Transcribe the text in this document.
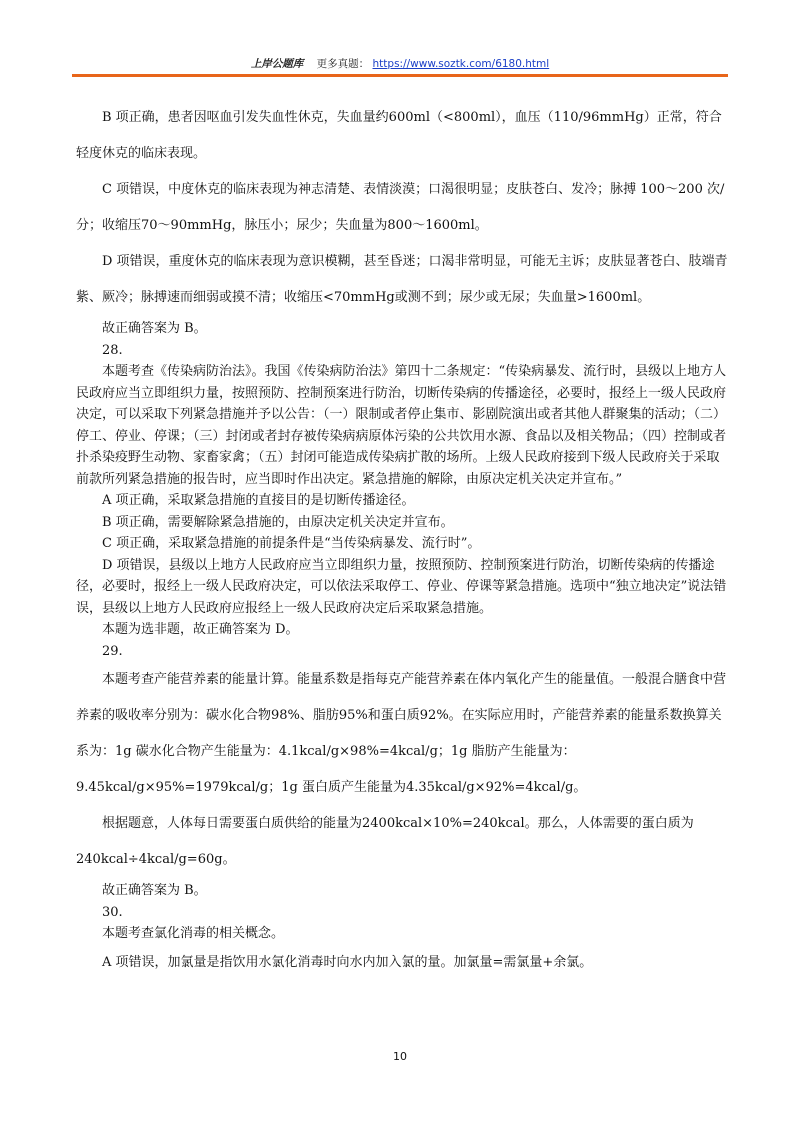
上岸公题库 更多真题： https://www.soztk.com/6180.html

B 项正确，患者因呕血引发失血性休克，失血量约600ml（<800ml），血压（110/96mmHg）正常，符合轻度休克的临床表现。

C 项错误，中度休克的临床表现为神志清楚、表情淡漠；口渴很明显；皮肤苍白、发冷；脉搏 100～200 次/分；收缩压70～90mmHg，脉压小；尿少；失血量为800～1600ml。

D 项错误，重度休克的临床表现为意识模糊，甚至昏迷；口渴非常明显，可能无主诉；皮肤显著苍白、肢端青紫、厥冷；脉搏速而细弱或摸不清；收缩压<70mmHg或测不到；尿少或无尿；失血量>1600ml。

故正确答案为 B。

28.

本题考查《传染病防治法》。我国《传染病防治法》第四十二条规定：“传染病暴发、流行时，县级以上地方人民政府应当立即组织力量，按照预防、控制预案进行防治，切断传染病的传播途径，必要时，报经上一级人民政府决定，可以采取下列紧急措施并予以公告：（一）限制或者停止集市、影剧院演出或者其他人群聚集的活动；（二）停工、停业、停课；（三）封闭或者封存被传染病病原体污染的公共饮用水源、食品以及相关物品；（四）控制或者扑杀染疫野生动物、家畜家禽；（五）封闭可能造成传染病扩散的场所。上级人民政府接到下级人民政府关于采取前款所列紧急措施的报告时，应当即时作出决定。紧急措施的解除，由原决定机关决定并宣布。”

A 项正确，采取紧急措施的直接目的是切断传播途径。

B 项正确，需要解除紧急措施的，由原决定机关决定并宣布。

C 项正确，采取紧急措施的前提条件是“当传染病暴发、流行时”。

D 项错误，县级以上地方人民政府应当立即组织力量，按照预防、控制预案进行防治，切断传染病的传播途径，必要时，报经上一级人民政府决定，可以依法采取停工、停业、停课等紧急措施。选项中“独立地决定”说法错误，县级以上地方人民政府应报经上一级人民政府决定后采取紧急措施。

本题为选非题，故正确答案为 D。

29.

本题考查产能营养素的能量计算。能量系数是指每克产能营养素在体内氧化产生的能量值。一般混合膳食中营养素的吸收率分别为：碳水化合物98%、脂肪95%和蛋白质92%。在实际应用时，产能营养素的能量系数换算关系为：1g 碳水化合物产生能量为：4.1kcal/g×98%=4kcal/g；1g 脂肪产生能量为：9.45kcal/g×95%=1979kcal/g；1g 蛋白质产生能量为4.35kcal/g×92%=4kcal/g。

根据题意，人体每日需要蛋白质供给的能量为2400kcal×10%=240kcal。那么，人体需要的蛋白质为240kcal÷4kcal/g=60g。

故正确答案为 B。

30.

本题考查氯化消毒的相关概念。

A 项错误，加氯量是指饮用水氯化消毒时向水内加入氯的量。加氯量=需氯量+余氯。

10
